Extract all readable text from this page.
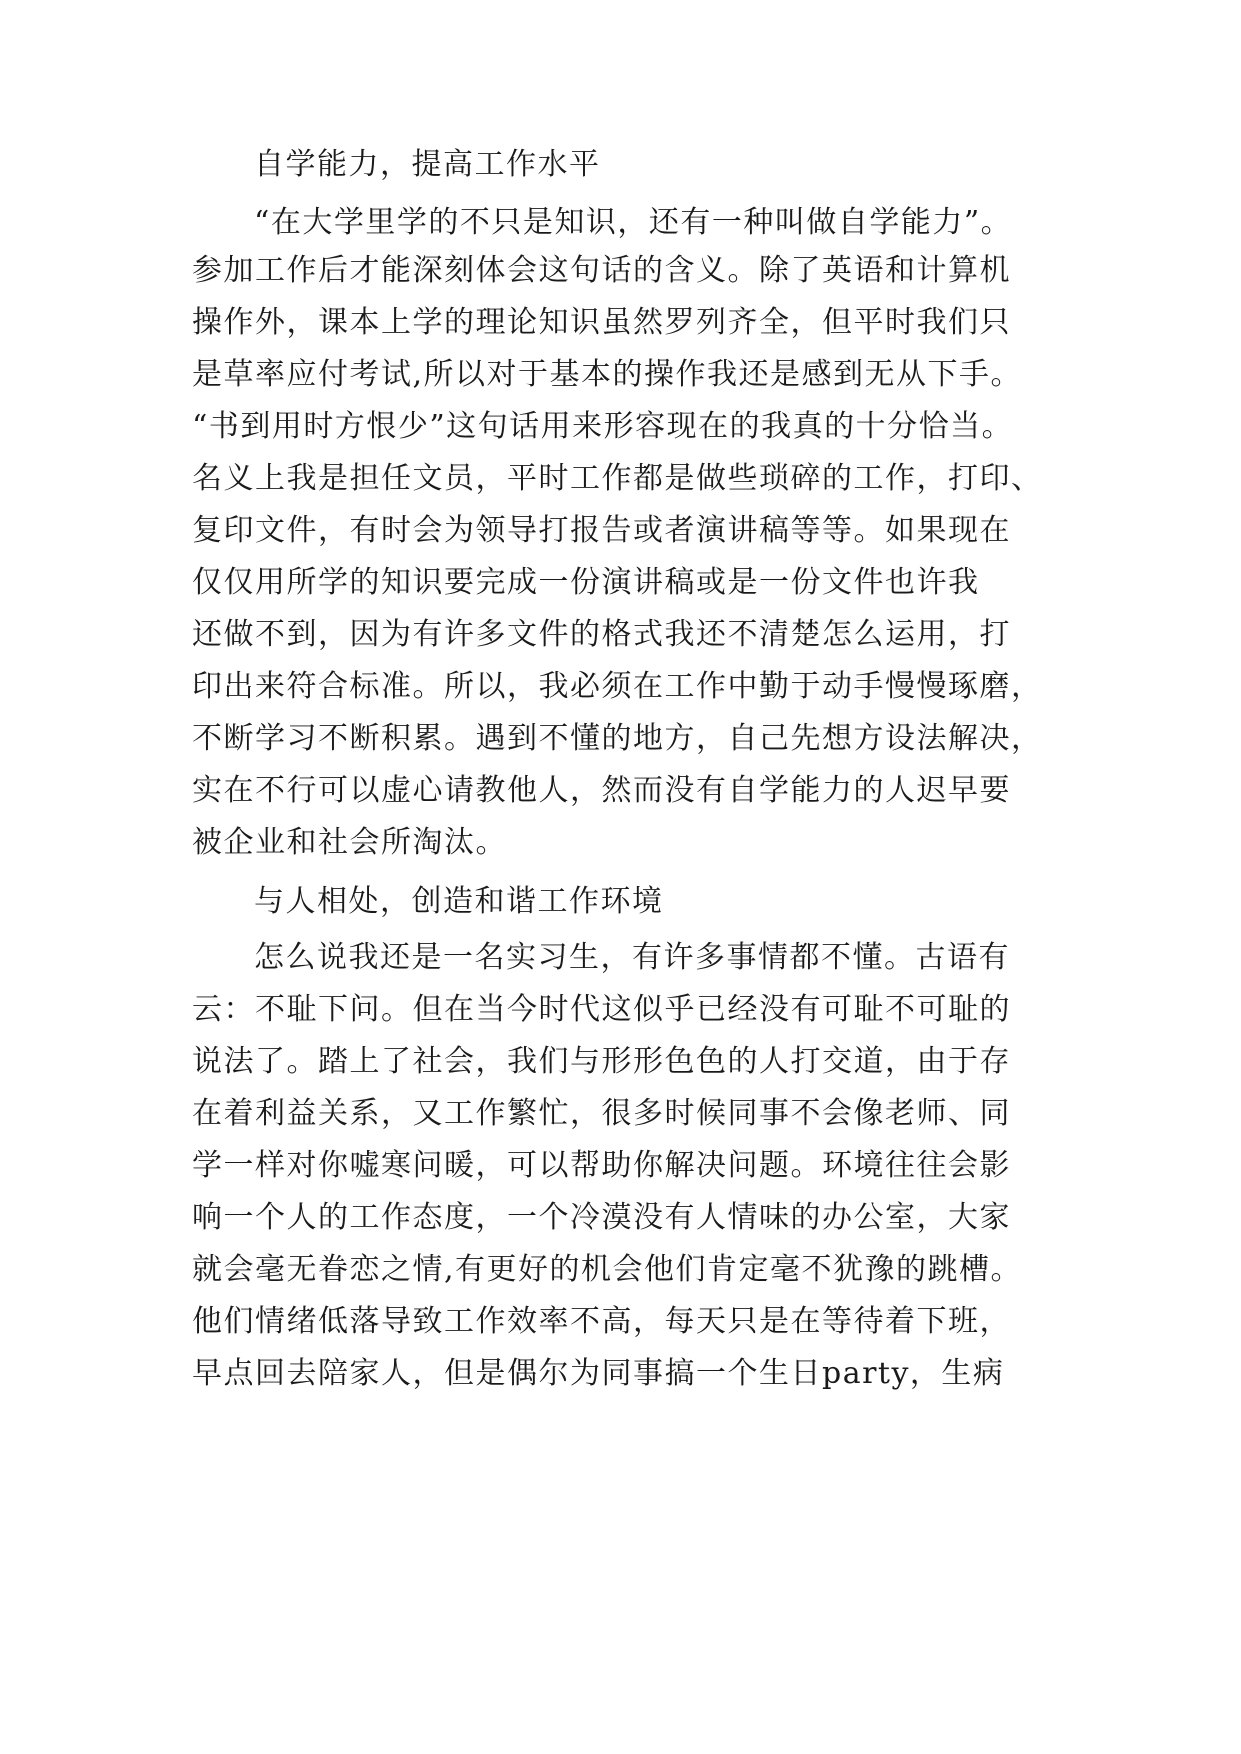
自学能力，提高工作水平
“在大学里学的不只是知识，还有一种叫做自学能力”。
参加工作后才能深刻体会这句话的含义。除了英语和计算机
操作外，课本上学的理论知识虽然罗列齐全，但平时我们只
是草率应付考试,所以对于基本的操作我还是感到无从下手。
“书到用时方恨少”这句话用来形容现在的我真的十分恰当。
名义上我是担任文员，平时工作都是做些琐碎的工作，打印、
复印文件，有时会为领导打报告或者演讲稿等等。如果现在
仅仅用所学的知识要完成一份演讲稿或是一份文件也许我
还做不到，因为有许多文件的格式我还不清楚怎么运用，打
印出来符合标准。所以，我必须在工作中勤于动手慢慢琢磨，
不断学习不断积累。遇到不懂的地方，自己先想方设法解决，
实在不行可以虚心请教他人，然而没有自学能力的人迟早要
被企业和社会所淘汰。
与人相处，创造和谐工作环境
怎么说我还是一名实习生，有许多事情都不懂。古语有
云：不耻下问。但在当今时代这似乎已经没有可耻不可耻的
说法了。踏上了社会，我们与形形色色的人打交道，由于存
在着利益关系，又工作繁忙，很多时候同事不会像老师、同
学一样对你嘘寒问暖，可以帮助你解决问题。环境往往会影
响一个人的工作态度，一个冷漠没有人情味的办公室，大家
就会毫无眷恋之情,有更好的机会他们肯定毫不犹豫的跳槽。
他们情绪低落导致工作效率不高，每天只是在等待着下班，
早点回去陪家人，但是偶尔为同事搞一个生日party，生病
